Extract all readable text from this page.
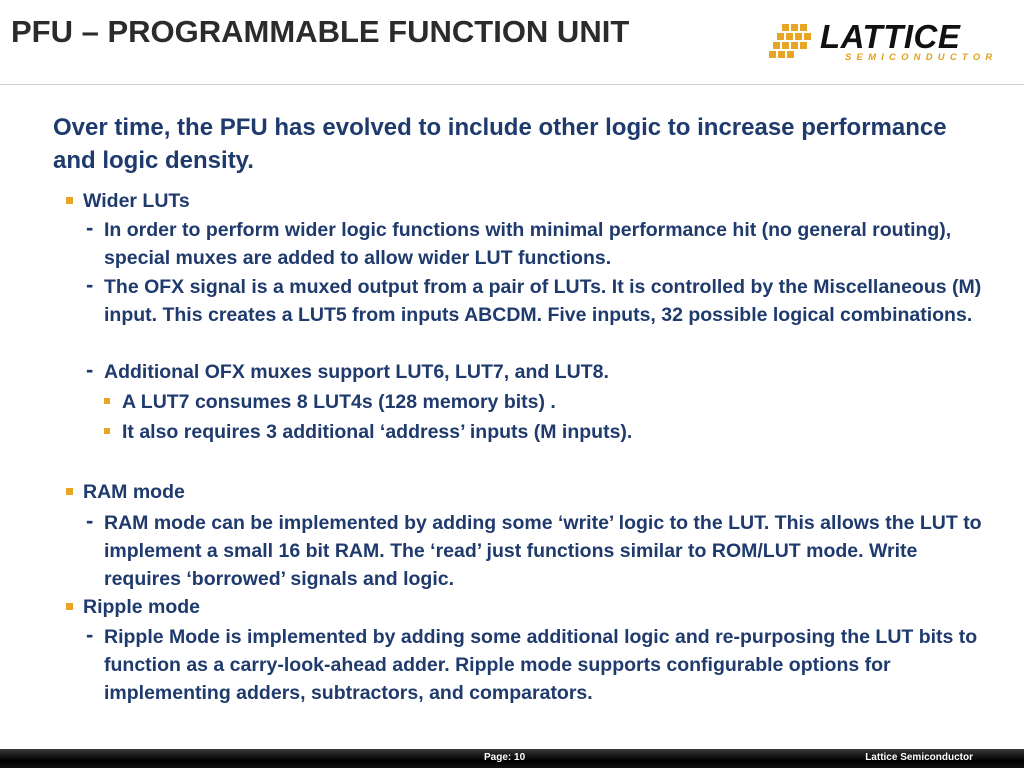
PFU – PROGRAMMABLE FUNCTION UNIT	LATTICE
SEMICONDUCTOR

Over time, the PFU has evolved to include other logic to increase performance and logic density.

Wider LUTs
- In order to perform wider logic functions with minimal performance hit (no general routing), special muxes are added to allow wider LUT functions.
- The OFX signal is a muxed output from a pair of LUTs. It is controlled by the Miscellaneous (M) input. This creates a LUT5 from inputs ABCDM. Five inputs, 32 possible logical combinations.
- Additional OFX muxes support LUT6, LUT7, and LUT8.
A LUT7 consumes 8 LUT4s (128 memory bits) .
It also requires 3 additional ‘address’ inputs (M inputs).
RAM mode
- RAM mode can be implemented by adding some ‘write’ logic to the LUT. This allows the LUT to implement a small 16 bit RAM. The ‘read’ just functions similar to ROM/LUT mode. Write requires ‘borrowed’ signals and logic.
Ripple mode
- Ripple Mode is implemented by adding some additional logic and re-purposing the LUT bits to function as a carry-look-ahead adder. Ripple mode supports configurable options for implementing adders, subtractors, and comparators.
Page: 10	Lattice Semiconductor
